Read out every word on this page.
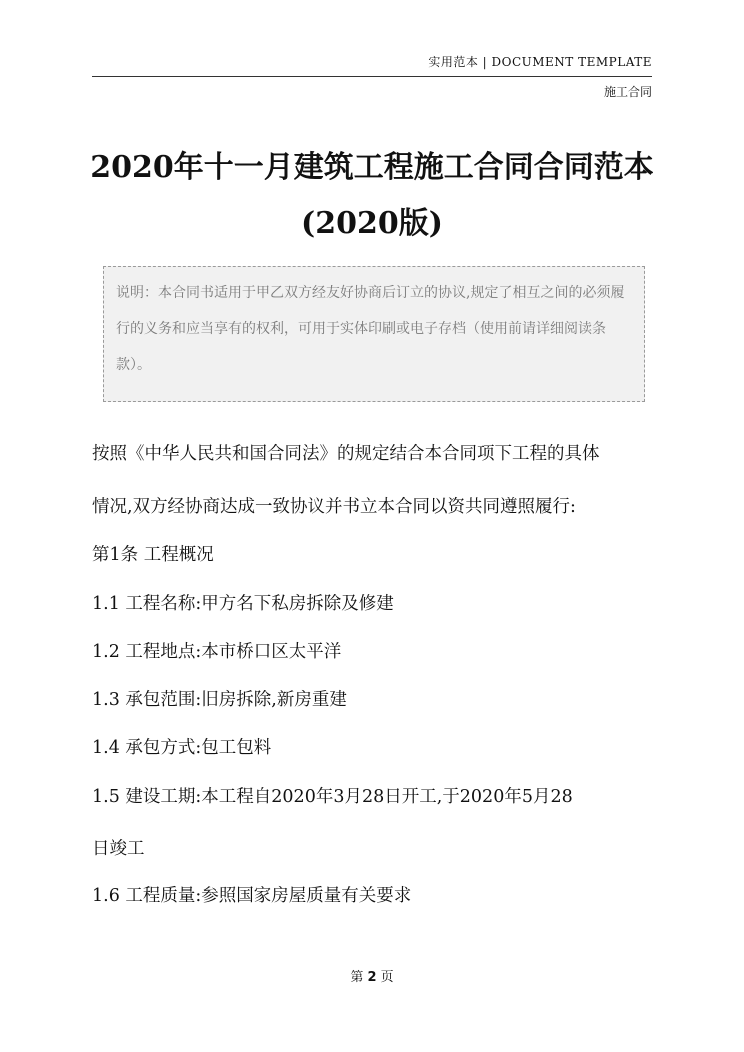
实用范本 | DOCUMENT TEMPLATE
施工合同
2020年十一月建筑工程施工合同合同范本
(2020版)
说明：本合同书适用于甲乙双方经友好协商后订立的协议,规定了相互之间的必须履行的义务和应当享有的权利，可用于实体印刷或电子存档（使用前请详细阅读条款）。
按照《中华人民共和国合同法》的规定结合本合同项下工程的具体
情况,双方经协商达成一致协议并书立本合同以资共同遵照履行:
第1条 工程概况
1.1 工程名称:甲方名下私房拆除及修建
1.2 工程地点:本市桥口区太平洋
1.3 承包范围:旧房拆除,新房重建
1.4 承包方式:包工包料
1.5 建设工期:本工程自2020年3月28日开工,于2020年5月28
日竣工
1.6 工程质量:参照国家房屋质量有关要求
第 2 页
